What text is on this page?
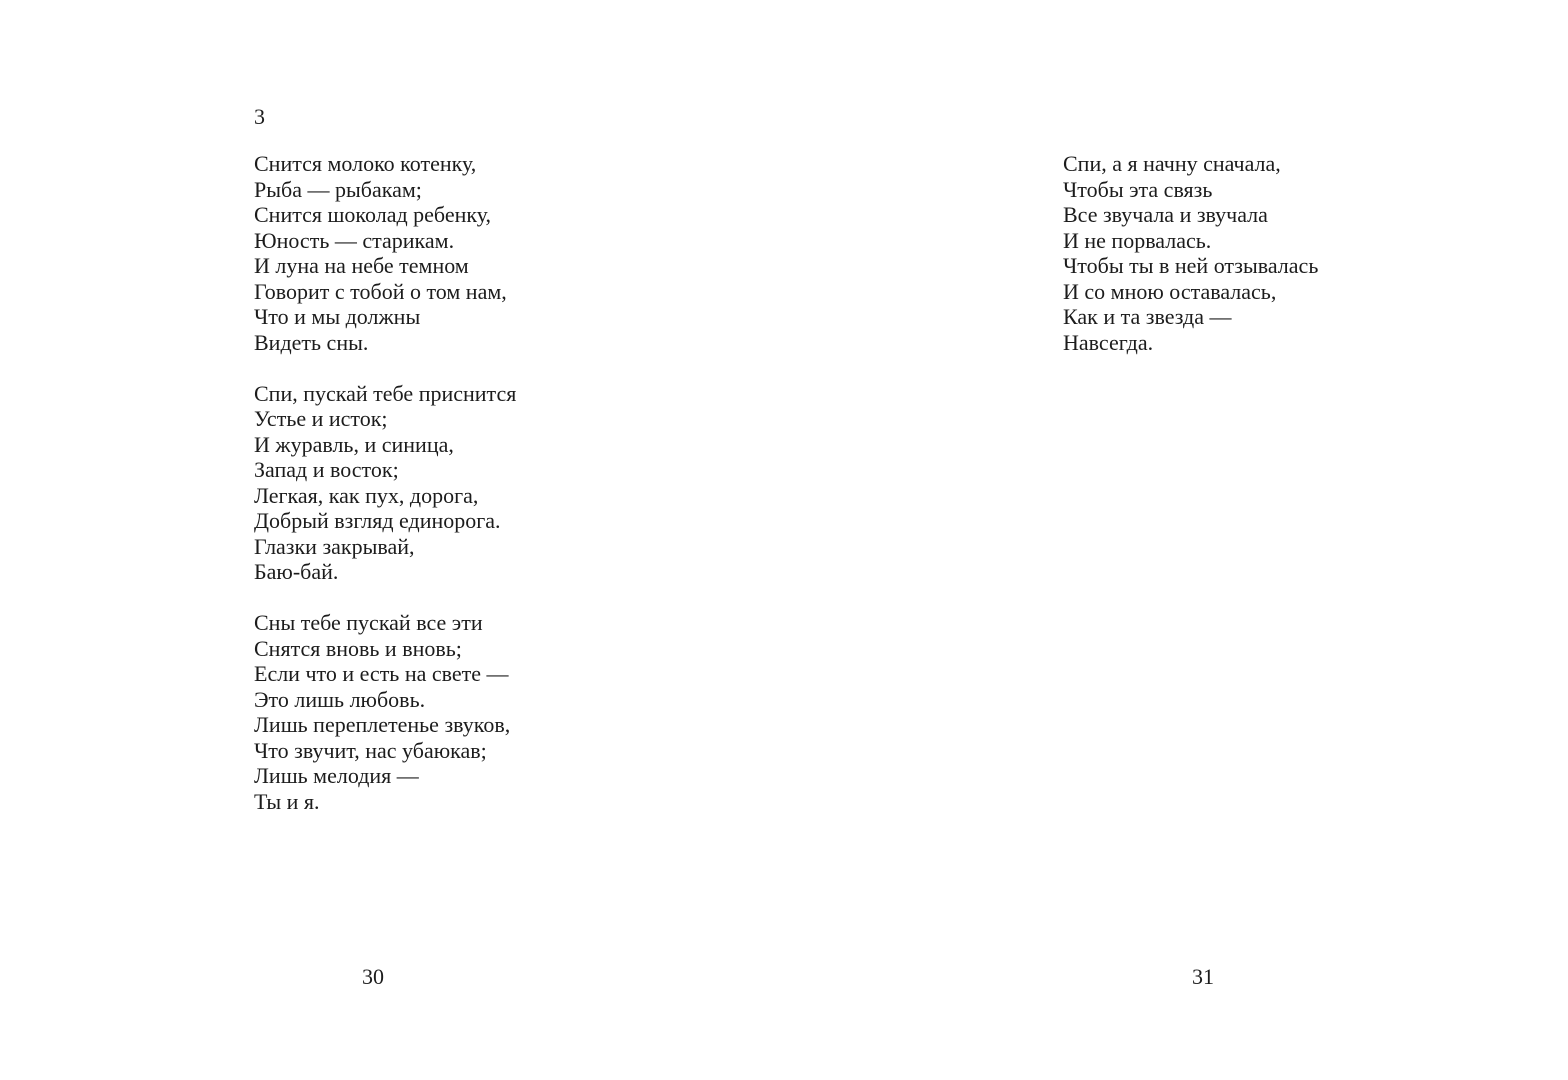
3

Снится молоко котенку,
Рыба — рыбакам;
Снится шоколад ребенку,
Юность — старикам.
И луна на небе темном
Говорит с тобой о том нам,
Что и мы должны
Видеть сны.
Спи, пускай тебе приснится
Устье и исток;
И журавль, и синица,
Запад и восток;
Легкая, как пух, дорога,
Добрый взгляд единорога.
Глазки закрывай,
Баю-бай.
Сны тебе пускай все эти
Снятся вновь и вновь;
Если что и есть на свете —
Это лишь любовь.
Лишь переплетенье звуков,
Что звучит, нас убаюкав;
Лишь мелодия —
Ты и я.

30

Спи, а я начну сначала,
Чтобы эта связь
Все звучала и звучала
И не порвалась.
Чтобы ты в ней отзывалась
И со мною оставалась,
Как и та звезда —
Навсегда.

31
